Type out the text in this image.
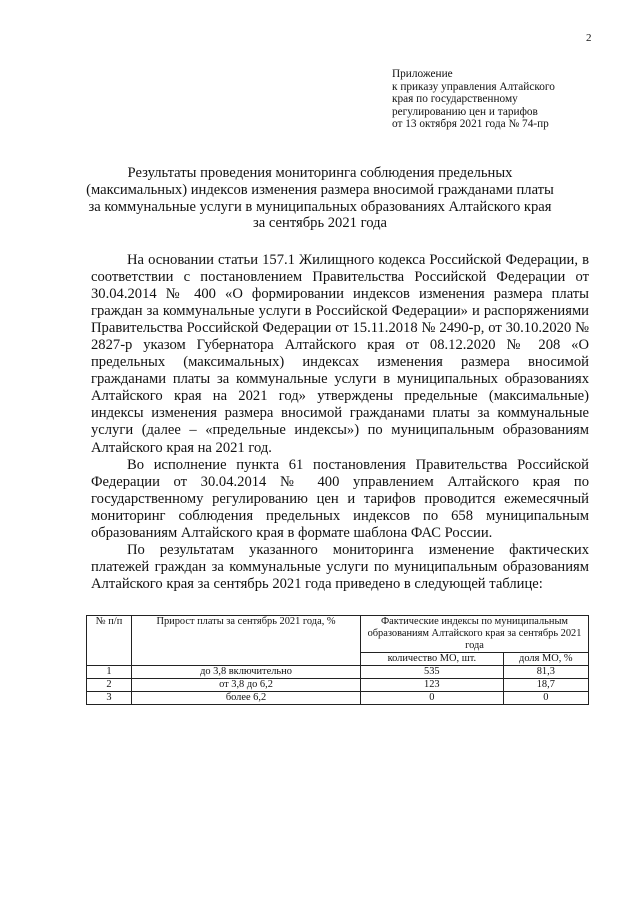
2
Приложение
к приказу управления Алтайского
края по государственному
регулированию цен и тарифов
от 13 октября 2021 года № 74-пр
Результаты проведения мониторинга соблюдения предельных
(максимальных) индексов изменения размера вносимой гражданами платы
за коммунальные услуги в муниципальных образованиях Алтайского края
за сентябрь 2021 года

На основании статьи 157.1 Жилищного кодекса Российской Федерации, в соответствии с постановлением Правительства Российской Федерации от 30.04.2014 № 400 «О формировании индексов изменения размера платы граждан за коммунальные услуги в Российской Федерации» и распоряжениями Правительства Российской Федерации от 15.11.2018 № 2490-р, от 30.10.2020 № 2827-р указом Губернатора Алтайского края от 08.12.2020 № 208 «О предельных (максимальных) индексах изменения размера вносимой гражданами платы за коммунальные услуги в муниципальных образованиях Алтайского края на 2021 год» утверждены предельные (максимальные) индексы изменения размера вносимой гражданами платы за коммунальные услуги (далее – «предельные индексы») по муниципальным образованиям Алтайского края на 2021 год.

Во исполнение пункта 61 постановления Правительства Российской Федерации от 30.04.2014 № 400 управлением Алтайского края по государственному регулированию цен и тарифов проводится ежемесячный мониторинг соблюдения предельных индексов по 658 муниципальным образованиям Алтайского края в формате шаблона ФАС России.

По результатам указанного мониторинга изменение фактических платежей граждан за коммунальные услуги по муниципальным образованиям Алтайского края за сентябрь 2021 года приведено в следующей таблице:

№ п/п	Прирост платы за сентябрь 2021 года, %	Фактические индексы по муниципальным образованиям Алтайского края за сентябрь 2021 года	
		количество МО, шт.	доля МО, %
1	до 3,8 включительно	535	81,3
2	от 3,8 до 6,2	123	18,7
3	более 6,2	0	0
